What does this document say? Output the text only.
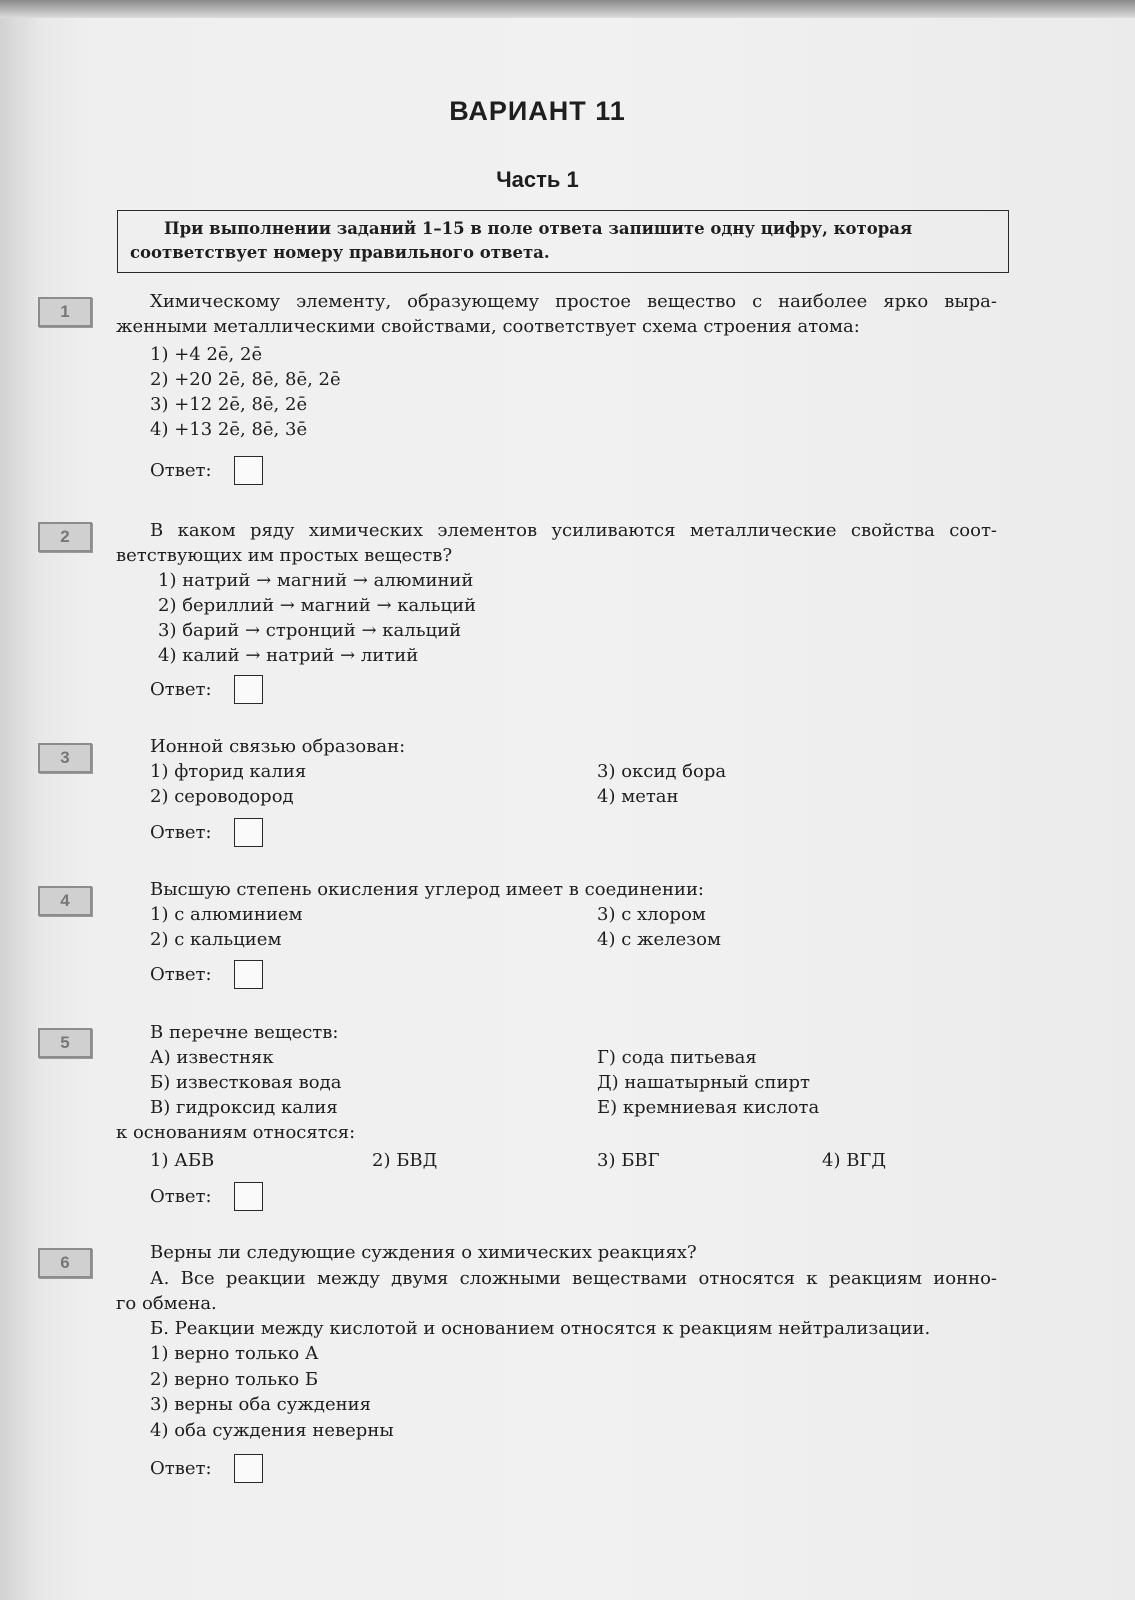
ВАРИАНТ 11
Часть 1
При выполнении заданий 1–15 в поле ответа запишите одну цифру, которая соответствует номеру правильного ответа.
1	Химическому элементу, образующему простое вещество с наиболее ярко выра-
женными металлическими свойствами, соответствует схема строения атома:
1) +4 2ē, 2ē
2) +20 2ē, 8ē, 8ē, 2ē
3) +12 2ē, 8ē, 2ē
4) +13 2ē, 8ē, 3ē
Ответ:
2	В каком ряду химических элементов усиливаются металлические свойства соот-
ветствующих им простых веществ?
1) натрий → магний → алюминий
2) бериллий → магний → кальций
3) барий → стронций → кальций
4) калий → натрий → литий
Ответ:
3
Ионной связью образован:
1) фторид калия
2) сероводород
3) оксид бора
4) метан
Ответ:
4
Высшую степень окисления углерод имеет в соединении:
1) с алюминием
2) с кальцием
3) с хлором
4) с железом
Ответ:
5	В перечне веществ:
А) известняк
Б) известковая вода
В) гидроксид калия
Г) сода питьевая
Д) нашатырный спирт
Е) кремниевая кислота
к основаниям относятся:
1) АБВ	2) БВД	3) БВГ	4) ВГД
Ответ:
6	Верны ли следующие суждения о химических реакциях?
А. Все реакции между двумя сложными веществами относятся к реакциям ионно-
го обмена.
Б. Реакции между кислотой и основанием относятся к реакциям нейтрализации.
1) верно только А
2) верно только Б
3) верны оба суждения
4) оба суждения неверны
Ответ:
